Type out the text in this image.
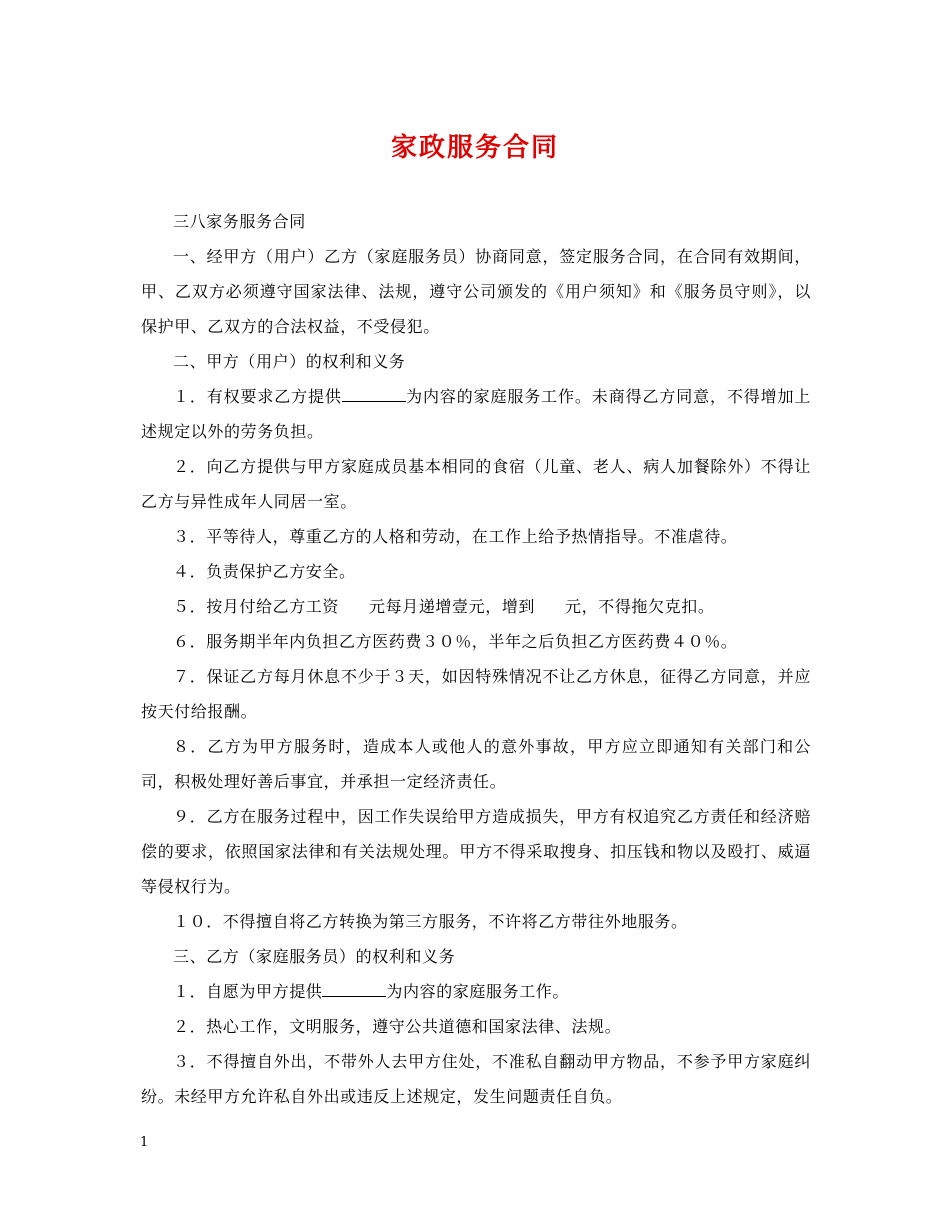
家政服务合同

三八家务服务合同

一、经甲方（用户）乙方（家庭服务员）协商同意，签定服务合同，在合同有效期间，甲、乙双方必须遵守国家法律、法规，遵守公司颁发的《用户须知》和《服务员守则》，以保护甲、乙双方的合法权益，不受侵犯。

二、甲方（用户）的权利和义务

１．有权要求乙方提供	为内容的家庭服务工作。未商得乙方同意，不得增加上述规定以外的劳务负担。

２．向乙方提供与甲方家庭成员基本相同的食宿（儿童、老人、病人加餐除外）不得让乙方与异性成年人同居一室。

３．平等待人，尊重乙方的人格和劳动，在工作上给予热情指导。不准虐待。

４．负责保护乙方安全。

５．按月付给乙方工资 元每月递增壹元，增到 元，不得拖欠克扣。

６．服务期半年内负担乙方医药费３０％，半年之后负担乙方医药费４０％。

７．保证乙方每月休息不少于３天，如因特殊情况不让乙方休息，征得乙方同意，并应按天付给报酬。

８．乙方为甲方服务时，造成本人或他人的意外事故，甲方应立即通知有关部门和公司，积极处理好善后事宜，并承担一定经济责任。

９．乙方在服务过程中，因工作失误给甲方造成损失，甲方有权追究乙方责任和经济赔偿的要求，依照国家法律和有关法规处理。甲方不得采取搜身、扣压钱和物以及殴打、威逼等侵权行为。

１０．不得擅自将乙方转换为第三方服务，不许将乙方带往外地服务。

三、乙方（家庭服务员）的权利和义务

１．自愿为甲方提供	为内容的家庭服务工作。

２．热心工作，文明服务，遵守公共道德和国家法律、法规。

３．不得擅自外出，不带外人去甲方住处，不准私自翻动甲方物品，不参予甲方家庭纠纷。未经甲方允许私自外出或违反上述规定，发生问题责任自负。

1
